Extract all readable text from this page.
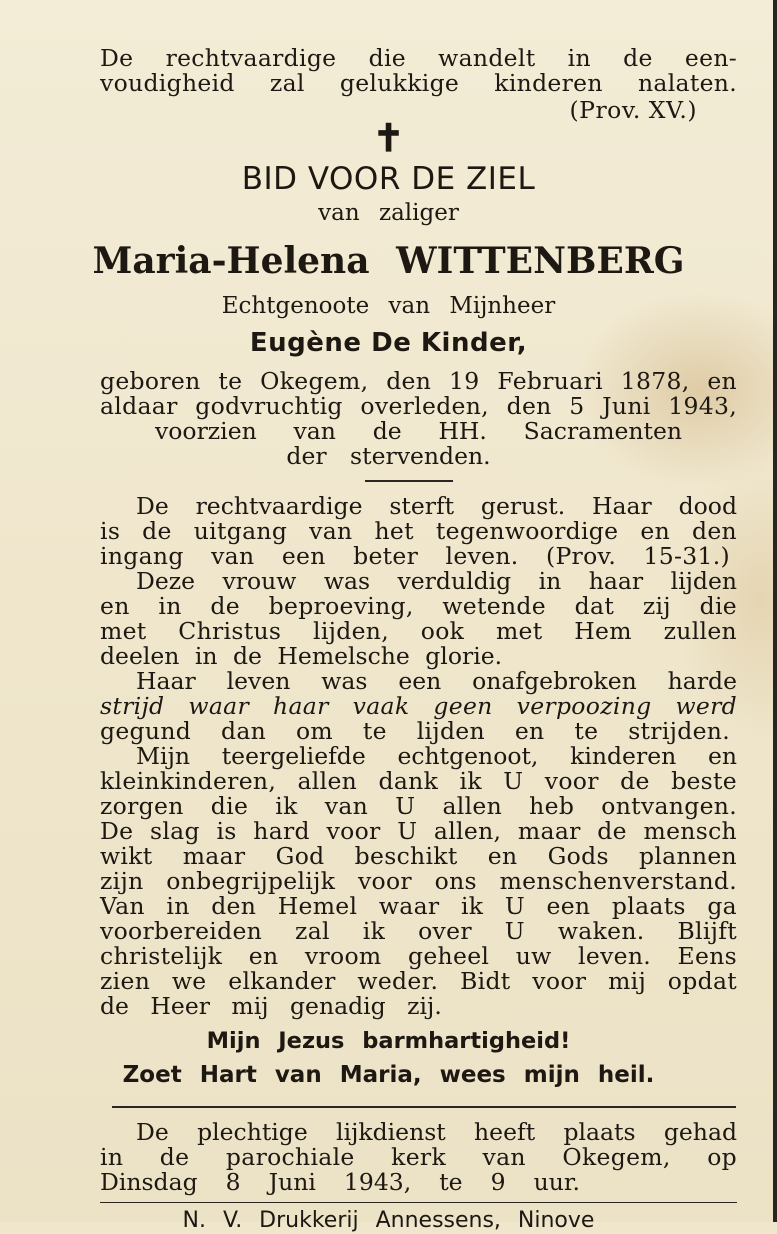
De rechtvaardige die wandelt in de een-
voudigheid zal gelukkige kinderen nalaten.
(Prov. XV.)
✝
BID VOOR DE ZIEL
van zaliger
Maria-Helena WITTENBERG
Echtgenoote van Mijnheer
Eugène De Kinder,
geboren te Okegem, den 19 Februari 1878, en
aldaar godvruchtig overleden, den 5 Juni 1943,
voorzien van de HH. Sacramenten
der stervenden.
De rechtvaardige sterft gerust. Haar dood
is de uitgang van het tegenwoordige en den
ingang van een beter leven. (Prov. 15-31.)
Deze vrouw was verduldig in haar lijden
en in de beproeving, wetende dat zij die
met Christus lijden, ook met Hem zullen
deelen in de Hemelsche glorie.
Haar leven was een onafgebroken harde
strijd waar haar vaak geen verpoozing werd
gegund dan om te lijden en te strijden.
Mijn teergeliefde echtgenoot, kinderen en
kleinkinderen, allen dank ik U voor de beste
zorgen die ik van U allen heb ontvangen.
De slag is hard voor U allen, maar de mensch
wikt maar God beschikt en Gods plannen
zijn onbegrijpelijk voor ons menschenverstand.
Van in den Hemel waar ik U een plaats ga
voorbereiden zal ik over U waken. Blijft
christelijk en vroom geheel uw leven. Eens
zien we elkander weder. Bidt voor mij opdat
de Heer mij genadig zij.
Mijn Jezus barmhartigheid!
Zoet Hart van Maria, wees mijn heil.
De plechtige lijkdienst heeft plaats gehad
in de parochiale kerk van Okegem, op
Dinsdag 8 Juni 1943, te 9 uur.
N. V. Drukkerij Annessens, Ninove
